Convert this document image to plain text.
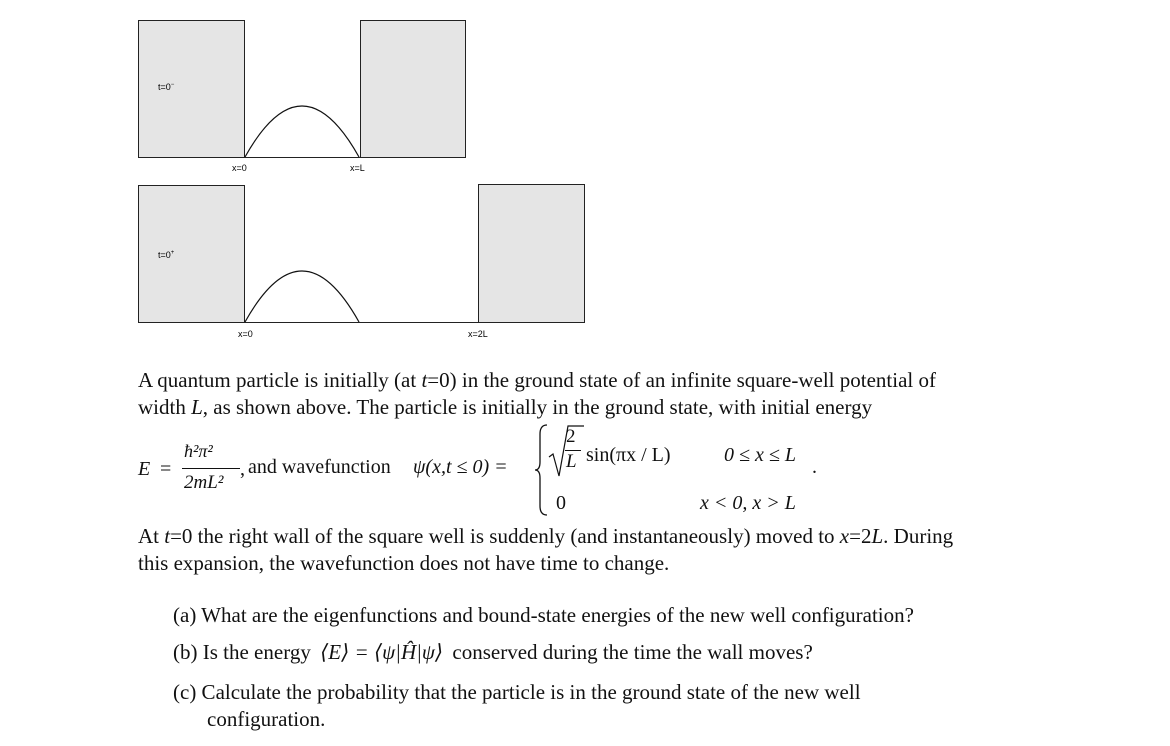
t=0−
x=0	x=L
t=0+
x=0	x=2L
A quantum particle is initially (at t=0) in the ground state of an infinite square-well potential of
width L, as shown above. The particle is initially in the ground state, with initial energy
E =
ħ²π²
2mL²
, and wavefunction ψ(x,t ≤ 0) =
2
L sin(πx / L)	0 ≤ x ≤ L
.
0	x < 0, x > L
At t=0 the right wall of the square well is suddenly (and instantaneously) moved to x=2L. During
this expansion, the wavefunction does not have time to change.
(a) What are the eigenfunctions and bound-state energies of the new well configuration?
(b) Is the energy ⟨E⟩ = ⟨ψ|Ĥ|ψ⟩ conserved during the time the wall moves?
(c) Calculate the probability that the particle is in the ground state of the new well
configuration.
